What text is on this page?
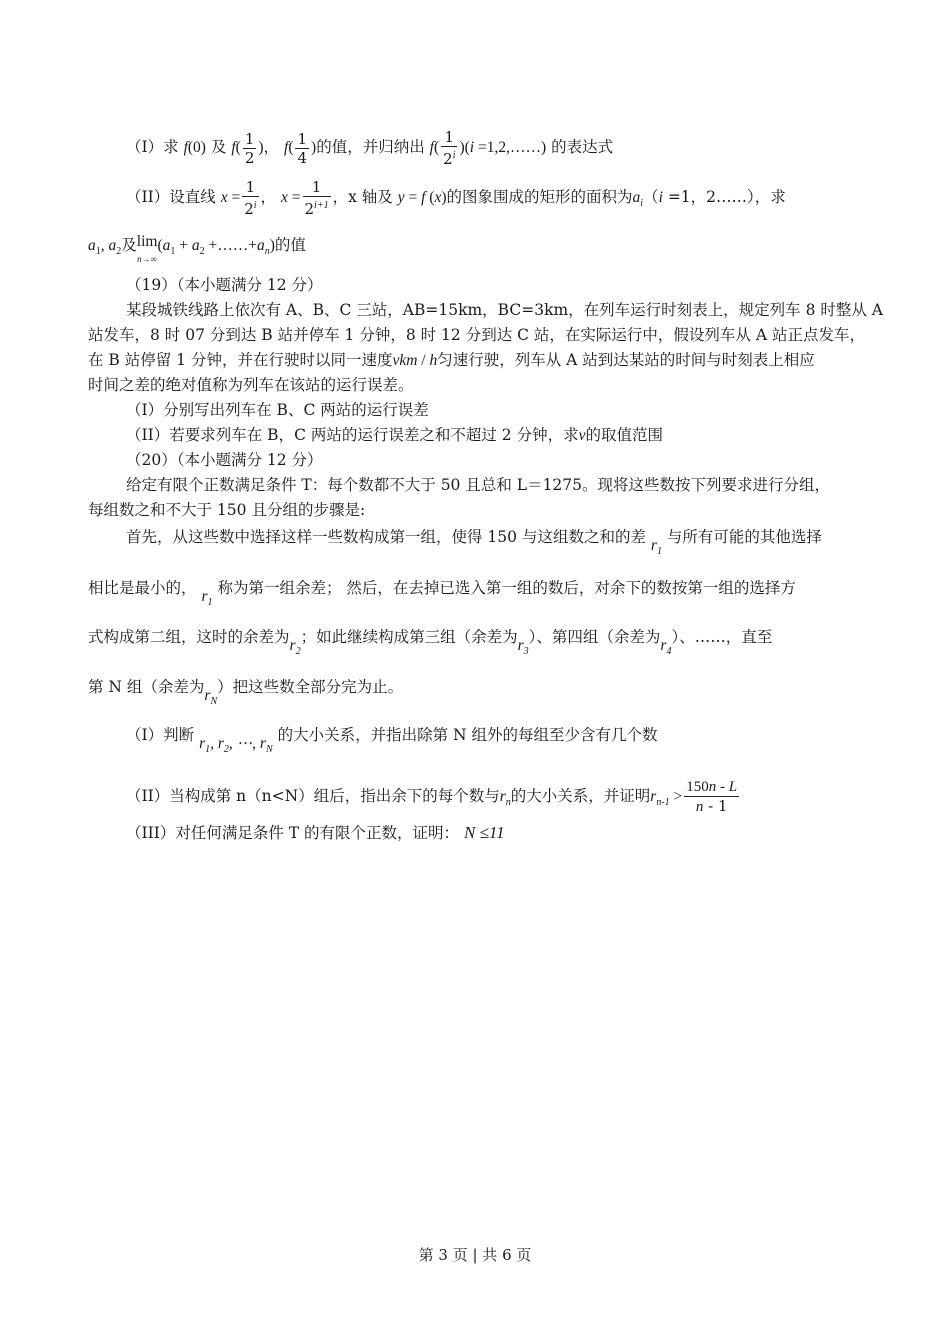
（I）求 f(0) 及 $f( \frac{1}{2}$ )， $f( \frac{1}{4}$ )的值，并归纳出 $f( \frac{1}{2^i} )(i$ =1,2,……) 的表达式
（II）设直线 $x = \frac{1}{2^i}$ ， $x = \frac{1}{2^{i+1}}$ ，x 轴及 y = f (x)的图象围成的矩形的面积为$a_i(i =1$，2……），求
$a_1$, $a_2$及lim
$n\to\infty(a_1 + a_2$ $+\dots\dots+a_n$)的值
（19）（本小题满分 12 分）
某段城铁线路上依次有 A、B、C 三站，AB=15km，BC=3km，在列车运行时刻表上，规定列车 8 时整从 A
站发车，8 时 07 分到达 B 站并停车 1 分钟，8 时 12 分到达 C 站，在实际运行中，假设列车从 A 站正点发车，
在 B 站停留 1 分钟，并在行驶时以同一速度vkm / h匀速行驶，列车从 A 站到达某站的时间与时刻表上相应
时间之差的绝对值称为列车在该站的运行误差。
（I）分别写出列车在 B、C 两站的运行误差
（II）若要求列车在 B，C 两站的运行误差之和不超过 2 分钟，求v的取值范围
（20）（本小题满分 12 分）
给定有限个正数满足条件 T：每个数都不大于 50 且总和 L＝1275。现将这些数按下列要求进行分组，
每组数之和不大于 150 且分组的步骤是:
首先，从这些数中选择这样一些数构成第一组，使得 150 与这组数之和的差 $r_1$ 与所有可能的其他选择
相比是最小的， $r_1$ 称为第一组余差； 然后，在去掉已选入第一组的数后，对余下的数按第一组的选择方
式构成第二组，这时的余差为$r_2$；如此继续构成第三组（余差为$r_3$）、第四组（余差为$r_4$）、……，直至
第 N 组（余差为$r_N$）把这些数全部分完为止。
（I）判断 $r_1$, $r_2$, ⋯, $r_N$ 的大小关系，并指出除第 N 组外的每组至少含有几个数
（II）当构成第 n（n<N）组后，指出余下的每个数与$r_n$的大小关系，并证明$r_{n-1} > \frac{150n - L}{n - 1}$
（III）对任何满足条件 T 的有限个正数，证明： N ≤11
第 3 页 | 共 6 页
